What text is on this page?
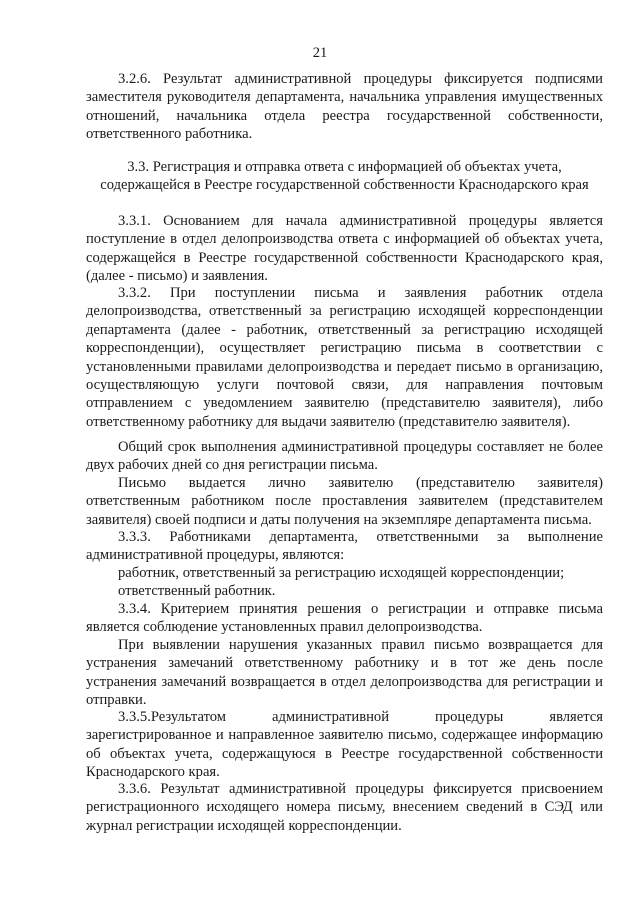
21

3.2.6. Результат административной процедуры фиксируется подписями заместителя руководителя департамента, начальника управления имущественных отношений, начальника отдела реестра государственной собственности, ответственного работника.

3.3. Регистрация и отправка ответа с информацией об объектах учета,

содержащейся в Реестре государственной собственности Краснодарского края

3.3.1. Основанием для начала административной процедуры является поступление в отдел делопроизводства ответа с информацией об объектах учета, содержащейся в Реестре государственной собственности Краснодарского края, (далее - письмо) и заявления.

3.3.2. При поступлении письма и заявления работник отдела делопроизводства, ответственный за регистрацию исходящей корреспонденции департамента (далее - работник, ответственный за регистрацию исходящей корреспонденции), осуществляет регистрацию письма в соответствии с установленными правилами делопроизводства и передает письмо в организацию, осуществляющую услуги почтовой связи, для направления почтовым отправлением с уведомлением заявителю (представителю заявителя), либо ответственному работнику для выдачи заявителю (представителю заявителя).

Общий срок выполнения административной процедуры составляет не более двух рабочих дней со дня регистрации письма.

Письмо выдается лично заявителю (представителю заявителя) ответственным работником после проставления заявителем (представителем заявителя) своей подписи и даты получения на экземпляре департамента письма.

3.3.3. Работниками департамента, ответственными за выполнение административной процедуры, являются:

работник, ответственный за регистрацию исходящей корреспонденции;

ответственный работник.

3.3.4. Критерием принятия решения о регистрации и отправке письма является соблюдение установленных правил делопроизводства.

При выявлении нарушения указанных правил письмо возвращается для устранения замечаний ответственному работнику и в тот же день после устранения замечаний возвращается в отдел делопроизводства для регистрации и отправки.

3.3.5.Результатом административной процедуры является зарегистрированное и направленное заявителю письмо, содержащее информацию об объектах учета, содержащуюся в Реестре государственной собственности Краснодарского края.

3.3.6. Результат административной процедуры фиксируется присвоением регистрационного исходящего номера письму, внесением сведений в СЭД или журнал регистрации исходящей корреспонденции.
